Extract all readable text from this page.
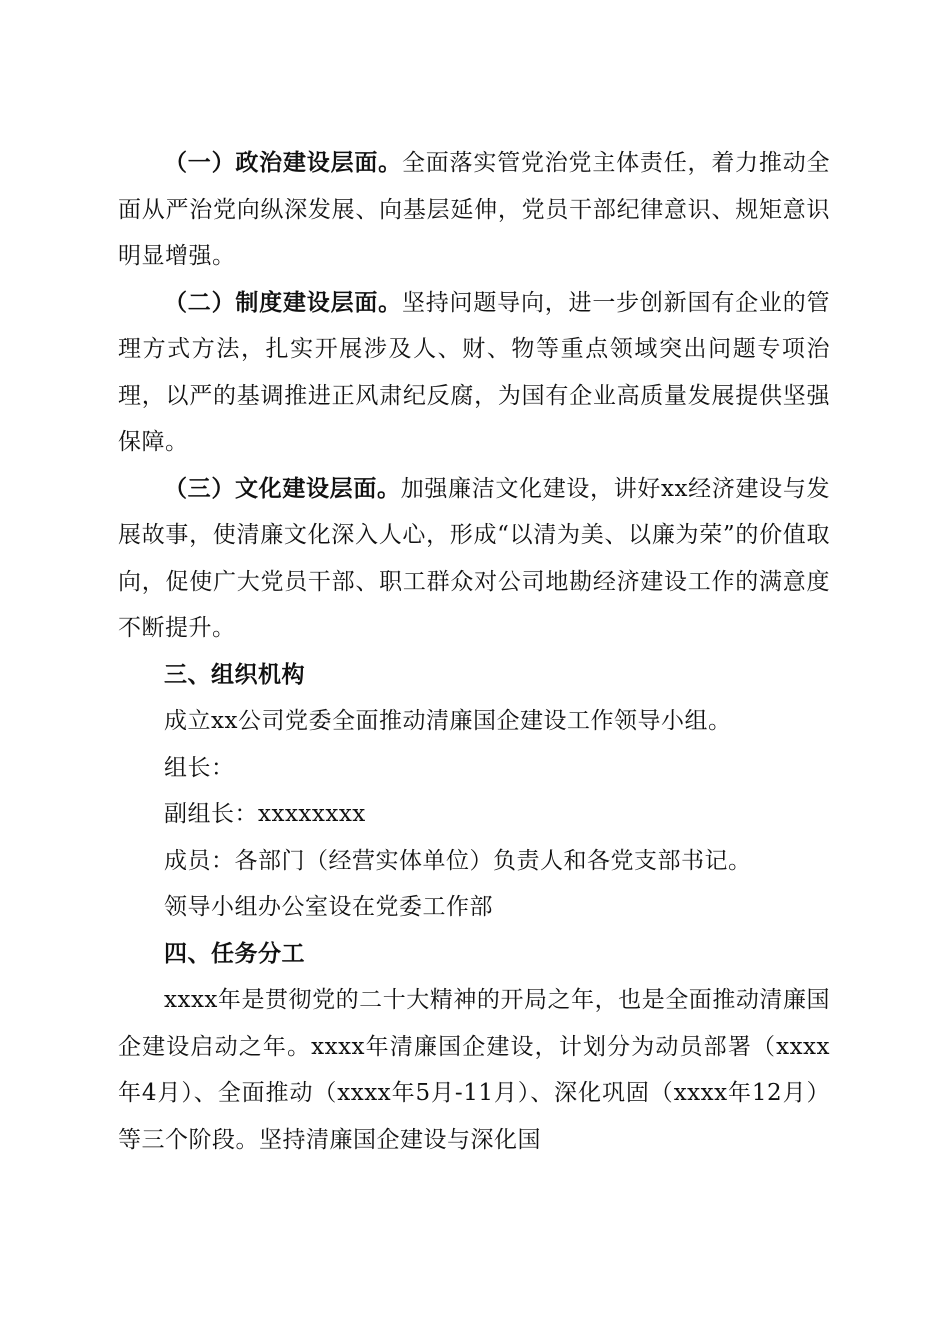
（一）政治建设层面。全面落实管党治党主体责任，着力推动全面从严治党向纵深发展、向基层延伸，党员干部纪律意识、规矩意识明显增强。

（二）制度建设层面。坚持问题导向，进一步创新国有企业的管理方式方法，扎实开展涉及人、财、物等重点领域突出问题专项治理，以严的基调推进正风肃纪反腐，为国有企业高质量发展提供坚强保障。

（三）文化建设层面。加强廉洁文化建设，讲好xx经济建设与发展故事，使清廉文化深入人心，形成“以清为美、以廉为荣”的价值取向，促使广大党员干部、职工群众对公司地勘经济建设工作的满意度不断提升。

三、组织机构

成立xx公司党委全面推动清廉国企建设工作领导小组。

组长：

副组长：xxxxxxxx

成员：各部门（经营实体单位）负责人和各党支部书记。

领导小组办公室设在党委工作部

四、任务分工

xxxx年是贯彻党的二十大精神的开局之年，也是全面推动清廉国企建设启动之年。xxxx年清廉国企建设，计划分为动员部署（xxxx年4月）、全面推动（xxxx年5月-11月）、深化巩固（xxxx年12月）等三个阶段。坚持清廉国企建设与深化国
